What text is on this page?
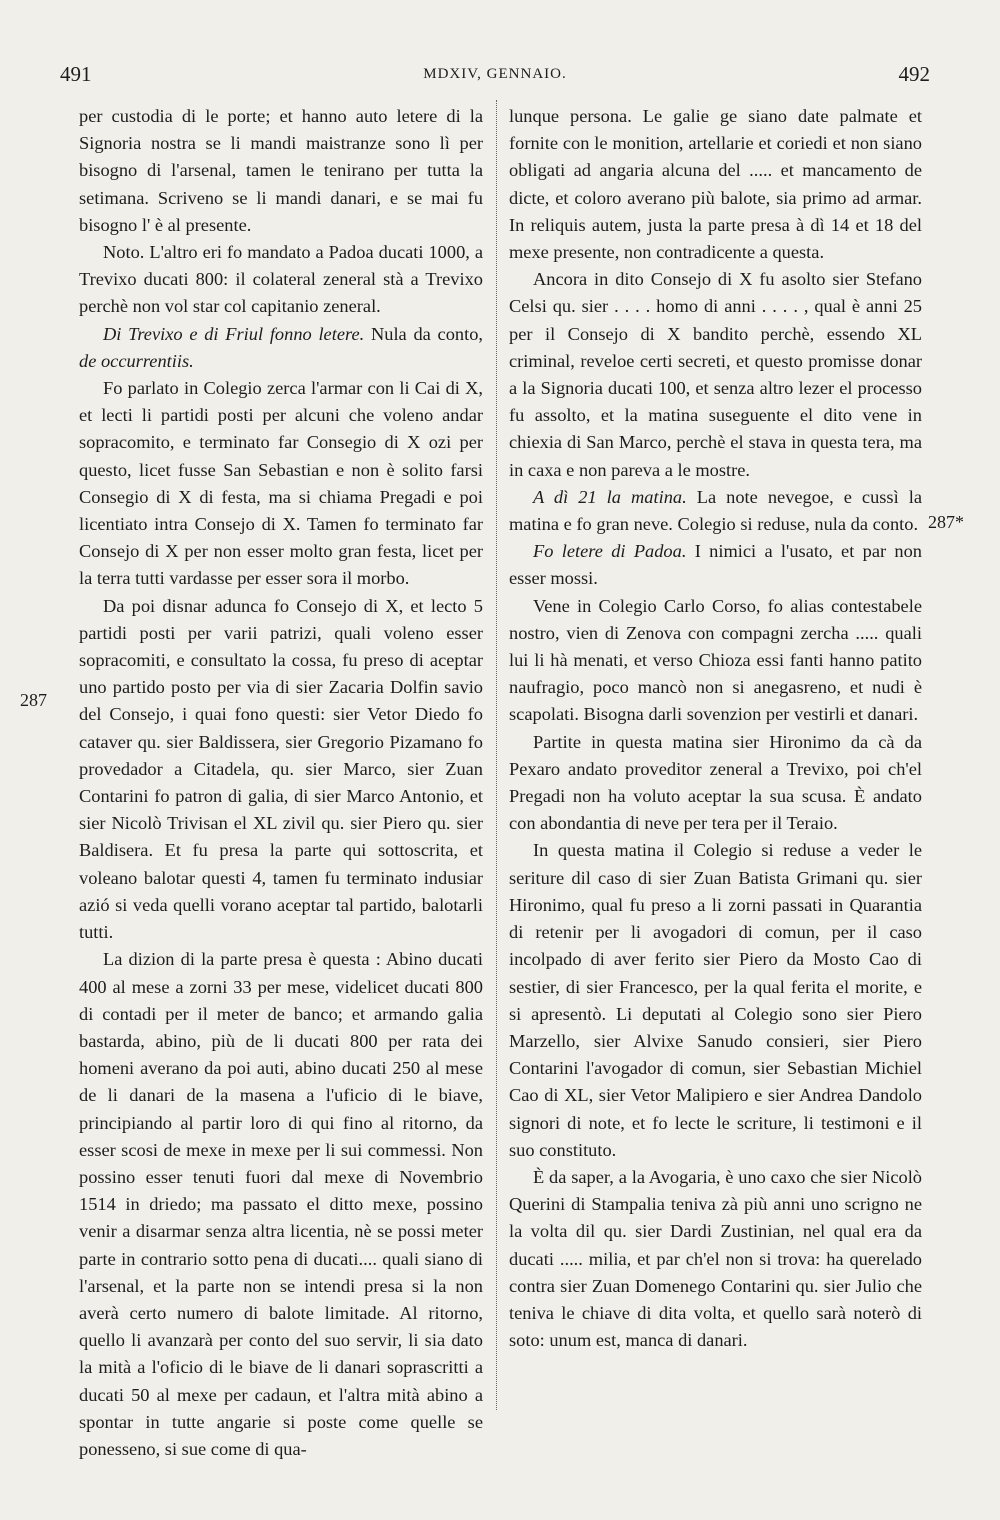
491	MDXIV, GENNAIO.	492
287
287*

per custodia di le porte; et hanno auto letere di la Signoria nostra se li mandi maistranze sono lì per bisogno di l'arsenal, tamen le tenirano per tutta la setimana. Scriveno se li mandi danari, e se mai fu bisogno l' è al presente.

Noto. L'altro eri fo mandato a Padoa ducati 1000, a Trevixo ducati 800: il colateral zeneral stà a Trevixo perchè non vol star col capitanio zeneral.

Di Trevixo e di Friul fonno letere. Nula da conto, de occurrentiis.

Fo parlato in Colegio zerca l'armar con li Cai di X, et lecti li partidi posti per alcuni che voleno andar sopracomito, e terminato far Consegio di X ozi per questo, licet fusse San Sebastian e non è solito farsi Consegio di X di festa, ma si chiama Pregadi e poi licentiato intra Consejo di X. Tamen fo terminato far Consejo di X per non esser molto gran festa, licet per la terra tutti vardasse per esser sora il morbo.

Da poi disnar adunca fo Consejo di X, et lecto 5 partidi posti per varii patrizi, quali voleno esser sopracomiti, e consultato la cossa, fu preso di aceptar uno partido posto per via di sier Zacaria Dolfin savio del Consejo, i quai fono questi: sier Vetor Diedo fo cataver qu. sier Baldissera, sier Gregorio Pizamano fo provedador a Citadela, qu. sier Marco, sier Zuan Contarini fo patron di galia, di sier Marco Antonio, et sier Nicolò Trivisan el XL zivil qu. sier Piero qu. sier Baldisera. Et fu presa la parte qui sottoscrita, et voleano balotar questi 4, tamen fu terminato indusiar azió si veda quelli vorano aceptar tal partido, balotarli tutti.

La dizion di la parte presa è questa : Abino ducati 400 al mese a zorni 33 per mese, videlicet ducati 800 di contadi per il meter de banco; et armando galia bastarda, abino, più de li ducati 800 per rata dei homeni averano da poi auti, abino ducati 250 al mese de li danari de la masena a l'uficio di le biave, principiando al partir loro di qui fino al ritorno, da esser scosi de mexe in mexe per li sui commessi. Non possino esser tenuti fuori dal mexe di Novembrio 1514 in driedo; ma passato el ditto mexe, possino venir a disarmar senza altra licentia, nè se possi meter parte in contrario sotto pena di ducati.... quali siano di l'arsenal, et la parte non se intendi presa si la non averà certo numero di balote limitade. Al ritorno, quello li avanzarà per conto del suo servir, li sia dato la mità a l'oficio di le biave de li danari soprascritti a ducati 50 al mexe per cadaun, et l'altra mità abino a spontar in tutte angarie si poste come quelle se ponesseno, si sue come di qua-

lunque persona. Le galie ge siano date palmate et fornite con le monition, artellarie et coriedi et non siano obligati ad angaria alcuna del ..... et mancamento de dicte, et coloro averano più balote, sia primo ad armar. In reliquis autem, justa la parte presa à dì 14 et 18 del mexe presente, non contradicente a questa.

Ancora in dito Consejo di X fu asolto sier Stefano Celsi qu. sier . . . . homo di anni . . . . , qual è anni 25 per il Consejo di X bandito perchè, essendo XL criminal, reveloe certi secreti, et questo promisse donar a la Signoria ducati 100, et senza altro lezer el processo fu assolto, et la matina suseguente el dito vene in chiexia di San Marco, perchè el stava in questa tera, ma in caxa e non pareva a le mostre.

A dì 21 la matina. La note nevegoe, e cussì la matina e fo gran neve. Colegio si reduse, nula da conto.

Fo letere di Padoa. I nimici a l'usato, et par non esser mossi.

Vene in Colegio Carlo Corso, fo alias contestabele nostro, vien di Zenova con compagni zercha ..... quali lui li hà menati, et verso Chioza essi fanti hanno patito naufragio, poco mancò non si anegasreno, et nudi è scapolati. Bisogna darli sovenzion per vestirli et danari.

Partite in questa matina sier Hironimo da cà da Pexaro andato proveditor zeneral a Trevixo, poi ch'el Pregadi non ha voluto aceptar la sua scusa. È andato con abondantia di neve per tera per il Teraio.

In questa matina il Colegio si reduse a veder le seriture dil caso di sier Zuan Batista Grimani qu. sier Hironimo, qual fu preso a li zorni passati in Quarantia di retenir per li avogadori di comun, per il caso incolpado di aver ferito sier Piero da Mosto Cao di sestier, di sier Francesco, per la qual ferita el morite, e si apresentò. Li deputati al Colegio sono sier Piero Marzello, sier Alvixe Sanudo consieri, sier Piero Contarini l'avogador di comun, sier Sebastian Michiel Cao di XL, sier Vetor Malipiero e sier Andrea Dandolo signori di note, et fo lecte le scriture, li testimoni e il suo constituto.

È da saper, a la Avogaria, è uno caxo che sier Nicolò Querini di Stampalia teniva zà più anni uno scrigno ne la volta dil qu. sier Dardi Zustinian, nel qual era da ducati ..... milia, et par ch'el non si trova: ha querelado contra sier Zuan Domenego Contarini qu. sier Julio che teniva le chiave di dita volta, et quello sarà noterò di soto: unum est, manca di danari.
